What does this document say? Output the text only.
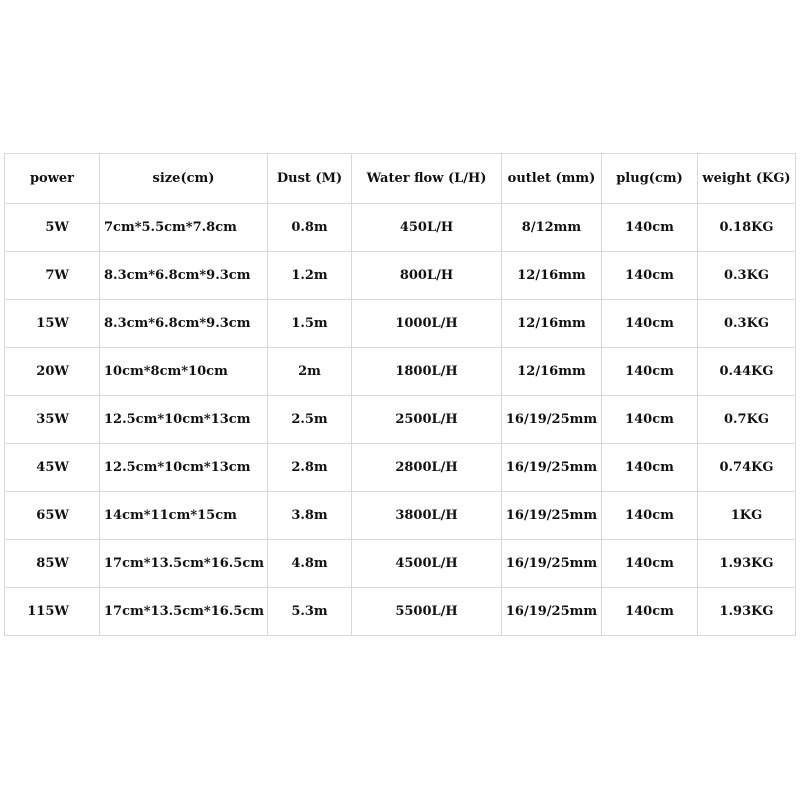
power	size(cm)	Dust (M)	Water flow (L/H)	outlet (mm)	plug(cm)	weight (KG)
5W	7cm*5.5cm*7.8cm	0.8m	450L/H	8/12mm	140cm	0.18KG
7W	8.3cm*6.8cm*9.3cm	1.2m	800L/H	12/16mm	140cm	0.3KG
15W	8.3cm*6.8cm*9.3cm	1.5m	1000L/H	12/16mm	140cm	0.3KG
20W	10cm*8cm*10cm	2m	1800L/H	12/16mm	140cm	0.44KG
35W	12.5cm*10cm*13cm	2.5m	2500L/H	16/19/25mm	140cm	0.7KG
45W	12.5cm*10cm*13cm	2.8m	2800L/H	16/19/25mm	140cm	0.74KG
65W	14cm*11cm*15cm	3.8m	3800L/H	16/19/25mm	140cm	1KG
85W	17cm*13.5cm*16.5cm	4.8m	4500L/H	16/19/25mm	140cm	1.93KG
115W	17cm*13.5cm*16.5cm	5.3m	5500L/H	16/19/25mm	140cm	1.93KG
